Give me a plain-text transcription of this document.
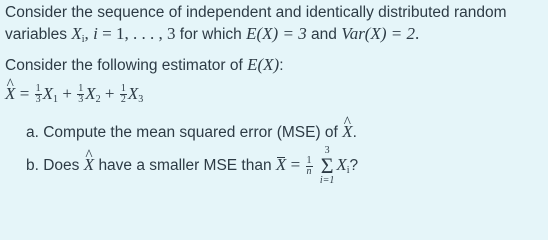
Consider the sequence of independent and identically distributed random
variables $X_i$, i = 1, . . . , 3 for which E(X) = 3 and Var(X) = 2.
Consider the following estimator of E(X):
^ $X = \frac{1}{3} X_1 + \frac{1}{3} X_2 + \frac{1}{2} X_3$
a. Compute the mean squared error (MSE) of ^ X.
b. Does ^ X have a smaller MSE than $X = \frac{1}{n}$

3
Σ
i=1
$X_i$?
